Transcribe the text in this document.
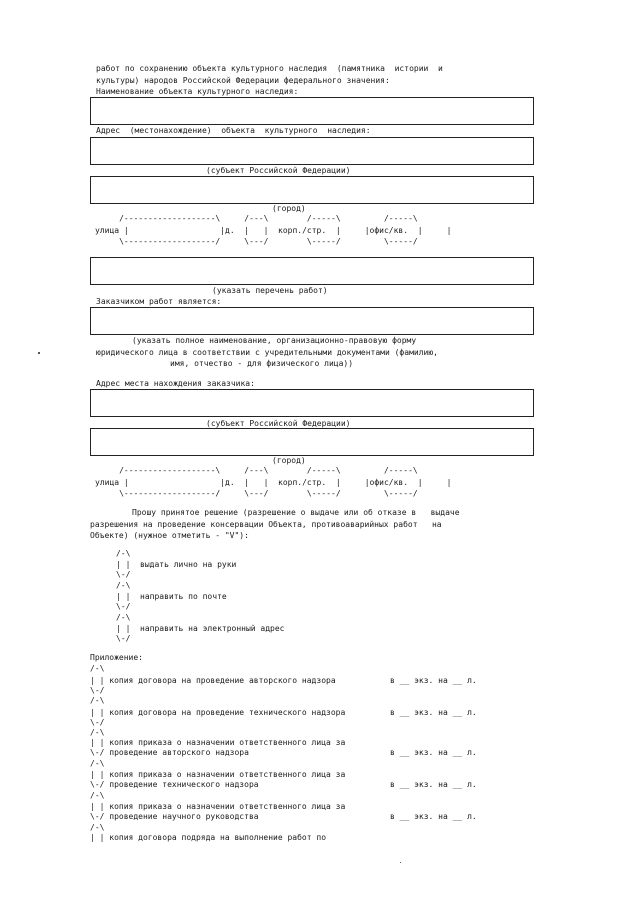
работ по сохранению объекта культурного наследия  (памятника  истории  и
культуры) народов Российской Федерации федерального значения:
Наименование объекта культурного наследия:
Адрес  (местонахождение)  объекта  культурного  наследия:
(субъект Российской Федерации)
(город)
/-------------------\     /---\        /-----\         /-----\
улица |                   |д.  |   |  корп./стр.  |     |офис/кв.  |     |
\-------------------/     \---/        \-----/         \-----/
(указать перечень работ)
Заказчиком работ является:
(указать полное наименование, организационно-правовую форму
юридического лица в соответствии с учредительными документами (фамилию,
имя, отчество - для физического лица))
Адрес места нахождения заказчика:
(субъект Российской Федерации)
(город)
/-------------------\     /---\        /-----\         /-----\
улица |                   |д.  |   |  корп./стр.  |     |офис/кв.  |     |
\-------------------/     \---/        \-----/         \-----/
Прошу принятое решение (разрешение о выдаче или об отказе в   выдаче
разрешения на проведение консервации Объекта, противоаварийных работ   на
Объекте) (нужное отметить - "V"):
/-\
| | выдать лично на руки
\-/
/-\
| | направить по почте
\-/
/-\
| | направить на электронный адрес
\-/
Приложение:
/-\
| | копия договора на проведение авторского надзора	в __ экз. на __ л.
\-/
/-\
| | копия договора на проведение технического надзора	в __ экз. на __ л.
\-/
/-\
| | копия приказа о назначении ответственного лица за
\-/ проведение авторского надзора	в __ экз. на __ л.
/-\
| | копия приказа о назначении ответственного лица за
\-/ проведение технического надзора	в __ экз. на __ л.
/-\
| | копия приказа о назначении ответственного лица за
\-/ проведение научного руководства	в __ экз. на __ л.
/-\
| | копия договора подряда на выполнение работ по
